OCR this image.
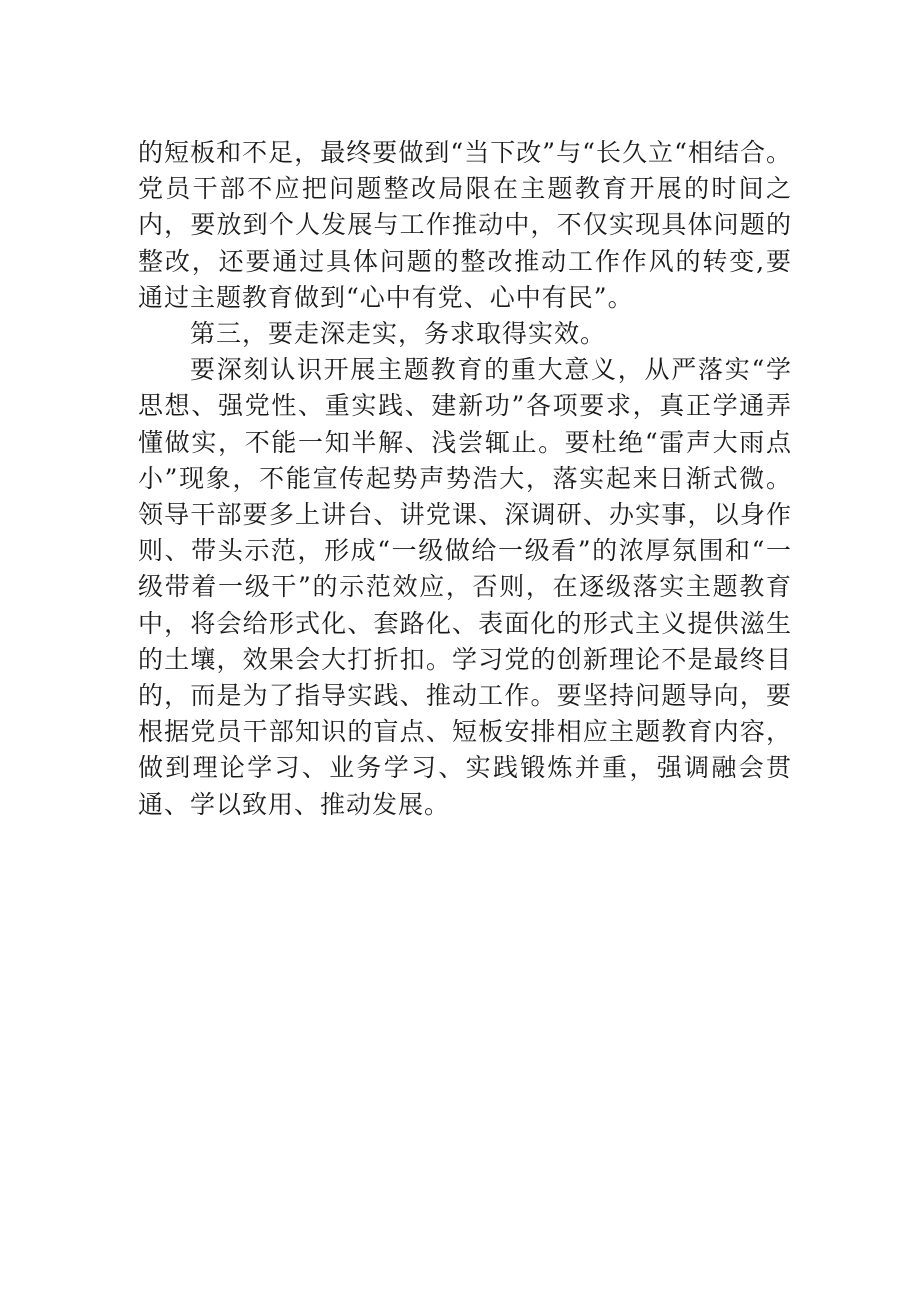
的短板和不足，最终要做到“当下改”与“长久立“相结合。党员干部不应把问题整改局限在主题教育开展的时间之内，要放到个人发展与工作推动中，不仅实现具体问题的整改，还要通过具体问题的整改推动工作作风的转变,要通过主题教育做到“心中有党、心中有民”。

第三，要走深走实，务求取得实效。

要深刻认识开展主题教育的重大意义，从严落实“学思想、强党性、重实践、建新功”各项要求，真正学通弄懂做实，不能一知半解、浅尝辄止。要杜绝“雷声大雨点小”现象，不能宣传起势声势浩大，落实起来日渐式微。领导干部要多上讲台、讲党课、深调研、办实事，以身作则、带头示范，形成“一级做给一级看”的浓厚氛围和“一级带着一级干”的示范效应，否则，在逐级落实主题教育中，将会给形式化、套路化、表面化的形式主义提供滋生的土壤，效果会大打折扣。学习党的创新理论不是最终目的，而是为了指导实践、推动工作。要坚持问题导向，要根据党员干部知识的盲点、短板安排相应主题教育内容，做到理论学习、业务学习、实践锻炼并重，强调融会贯通、学以致用、推动发展。
